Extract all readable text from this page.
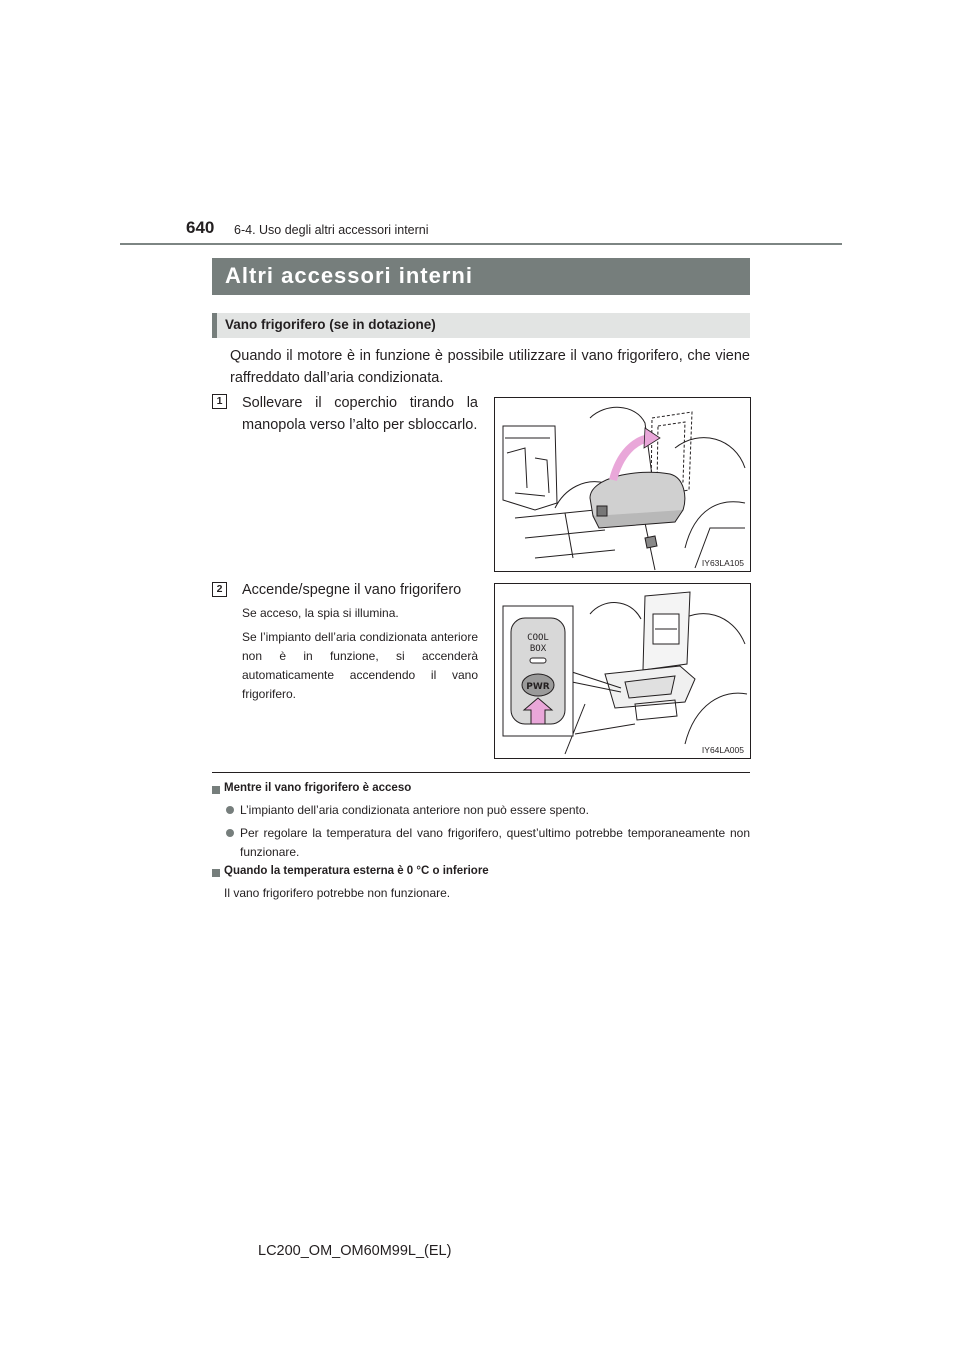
640 6-4. Uso degli altri accessori interni
Altri accessori interni
Vano frigorifero (se in dotazione)
Quando il motore è in funzione è possibile utilizzare il vano frigorifero, che viene raffreddato dall’aria condizionata.
1	Sollevare il coperchio tirando la manopola verso l’alto per sbloccarlo.
IY63LA105
2	Accende/spegne il vano frigorifero
Se acceso, la spia si illumina.
Se l’impianto dell’aria condizionata anteriore non è in funzione, si accenderà automaticamente accendendo il vano frigorifero.
COOL
BOX
PWR
IY64LA005
Mentre il vano frigorifero è acceso
L’impianto dell’aria condizionata anteriore non può essere spento.
Per regolare la temperatura del vano frigorifero, quest’ultimo potrebbe temporaneamente non funzionare.
Quando la temperatura esterna è 0 °C o inferiore
Il vano frigorifero potrebbe non funzionare.
LC200_OM_OM60M99L_(EL)
